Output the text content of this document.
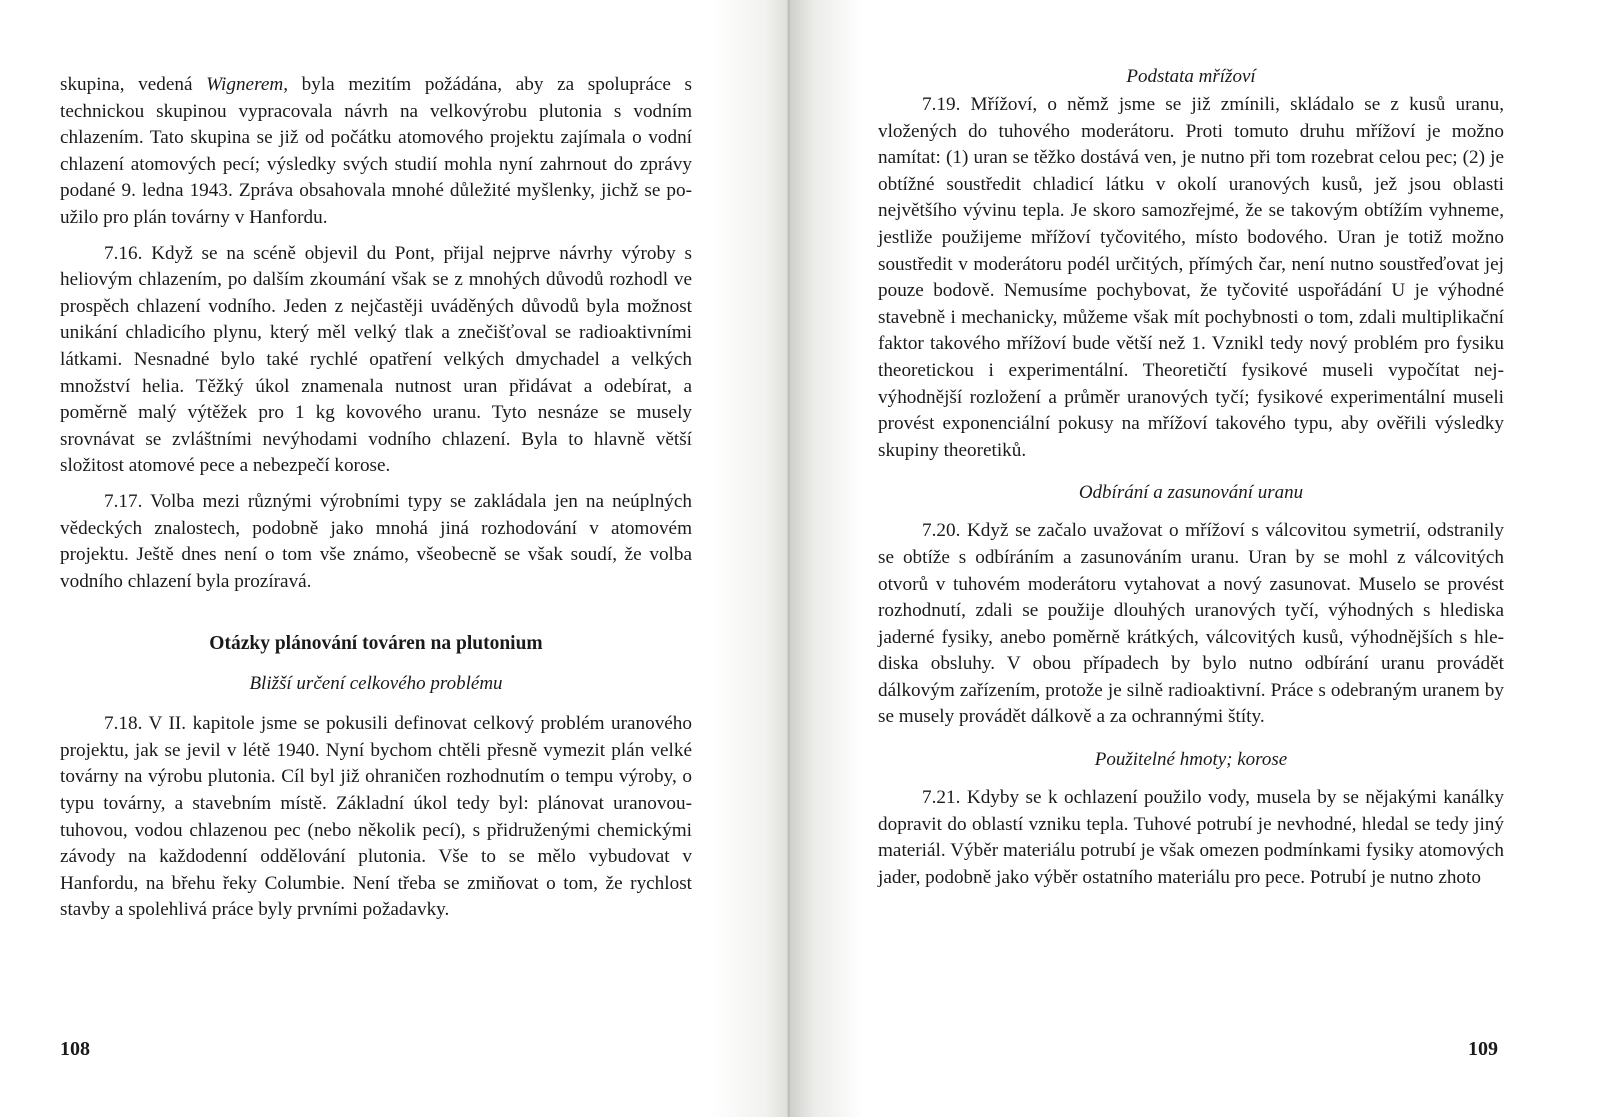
skupina, vedená Wignerem, byla mezitím požádána, aby za spolupráce s technickou skupinou vypracovala návrh na velkovýrobu plutonia s vodním chlazením. Tato skupina se již od počátku atomového projektu zajímala o vodní chlazení atomových pecí; výsledky svých studií mohla nyní zahrnout do zprávy podané 9. ledna 1943. Zpráva obsahovala mnohé důležité myšlenky, jichž se použilo pro plán továrny v Hanfordu.

7.16. Když se na scéně objevil du Pont, přijal nejprve návrhy výroby s heliovým chlazením, po dalším zkoumání však se z mnohých důvodů rozhodl ve prospěch chlazení vodního. Jeden z nejčastěji uváděných důvodů byla možnost unikání chladicího plynu, který měl velký tlak a znečišťoval se radioaktivními látkami. Nesnadné bylo také rychlé opatření velkých dmychadel a velkých množství helia. Těžký úkol znamenala nutnost uran přidávat a odebírat, a poměrně malý výtěžek pro 1 kg kovového uranu. Tyto nesnáze se musely srovnávat se zvláštními nevýhodami vodního chlazení. Byla to hlavně větší složitost atomové pece a nebezpečí korose.

7.17. Volba mezi různými výrobními typy se zakládala jen na neúplných vědeckých znalostech, podobně jako mnohá jiná rozhodování v atomovém projektu. Ještě dnes není o tom vše známo, všeobecně se však soudí, že volba vodního chlazení byla prozíravá.

Otázky plánování továren na plutonium
Bližší určení celkového problému

7.18. V II. kapitole jsme se pokusili definovat celkový problém uranového projektu, jak se jevil v létě 1940. Nyní bychom chtěli přesně vymezit plán velké továrny na výrobu plutonia. Cíl byl již ohraničen rozhodnutím o tempu výroby, o typu továrny, a stavebním místě. Základní úkol tedy byl: plánovat uranovoutuhovou, vodou chlazenou pec (nebo několik pecí), s přidruženými chemickými závody na každodenní oddělování plutonia. Vše to se mělo vybudovat v Hanfordu, na břehu řeky Columbie. Není třeba se zmiňovat o tom, že rychlost stavby a spolehlivá práce byly prvními požadavky.

108	109
Podstata mřížoví

7.19. Mřížoví, o němž jsme se již zmínili, skládalo se z kusů uranu, vložených do tuhového moderátoru. Proti tomuto druhu mřížoví je možno namítat: (1) uran se těžko dostává ven, je nutno při tom rozebrat celou pec; (2) je obtížné soustředit chladicí látku v okolí uranových kusů, jež jsou oblasti největšího vývinu tepla. Je skoro samozřejmé, že se takovým obtížím vyhneme, jestliže použijeme mřížoví tyčovitého, místo bodového. Uran je totiž možno soustředit v moderátoru podél určitých, přímých čar, není nutno soustřeďovat jej pouze bodově. Nemusíme pochybovat, že tyčovité uspořádání U je výhodné stavebně i mechanicky, můžeme však mít pochybnosti o tom, zdali multiplikační faktor takového mřížoví bude větší než 1. Vznikl tedy nový problém pro fysiku theoretickou i experimentální. Theoretičtí fysikové museli vypočítat nejvýhodnější rozložení a průměr uranových tyčí; fysikové experimentální museli provést exponenciální pokusy na mřížoví takového typu, aby ověřili výsledky skupiny theoretiků.

Odbírání a zasunování uranu

7.20. Když se začalo uvažovat o mřížoví s válcovitou symetrií, odstranily se obtíže s odbíráním a zasunováním uranu. Uran by se mohl z válcovitých otvorů v tuhovém moderátoru vytahovat a nový zasunovat. Muselo se provést rozhodnutí, zdali se použije dlouhých uranových tyčí, výhodných s hlediska jaderné fysiky, anebo poměrně krátkých, válcovitých kusů, výhodnějších s hlediska obsluhy. V obou případech by bylo nutno odbírání uranu provádět dálkovým zařízením, protože je silně radioaktivní. Práce s odebraným uranem by se musely provádět dálkově a za ochrannými štíty.

Použitelné hmoty; korose

7.21. Kdyby se k ochlazení použilo vody, musela by se nějakými kanálky dopravit do oblastí vzniku tepla. Tuhové potrubí je nevhodné, hledal se tedy jiný materiál. Výběr materiálu potrubí je však omezen podmínkami fysiky atomových jader, podobně jako výběr ostatního materiálu pro pece. Potrubí je nutno zhoto
